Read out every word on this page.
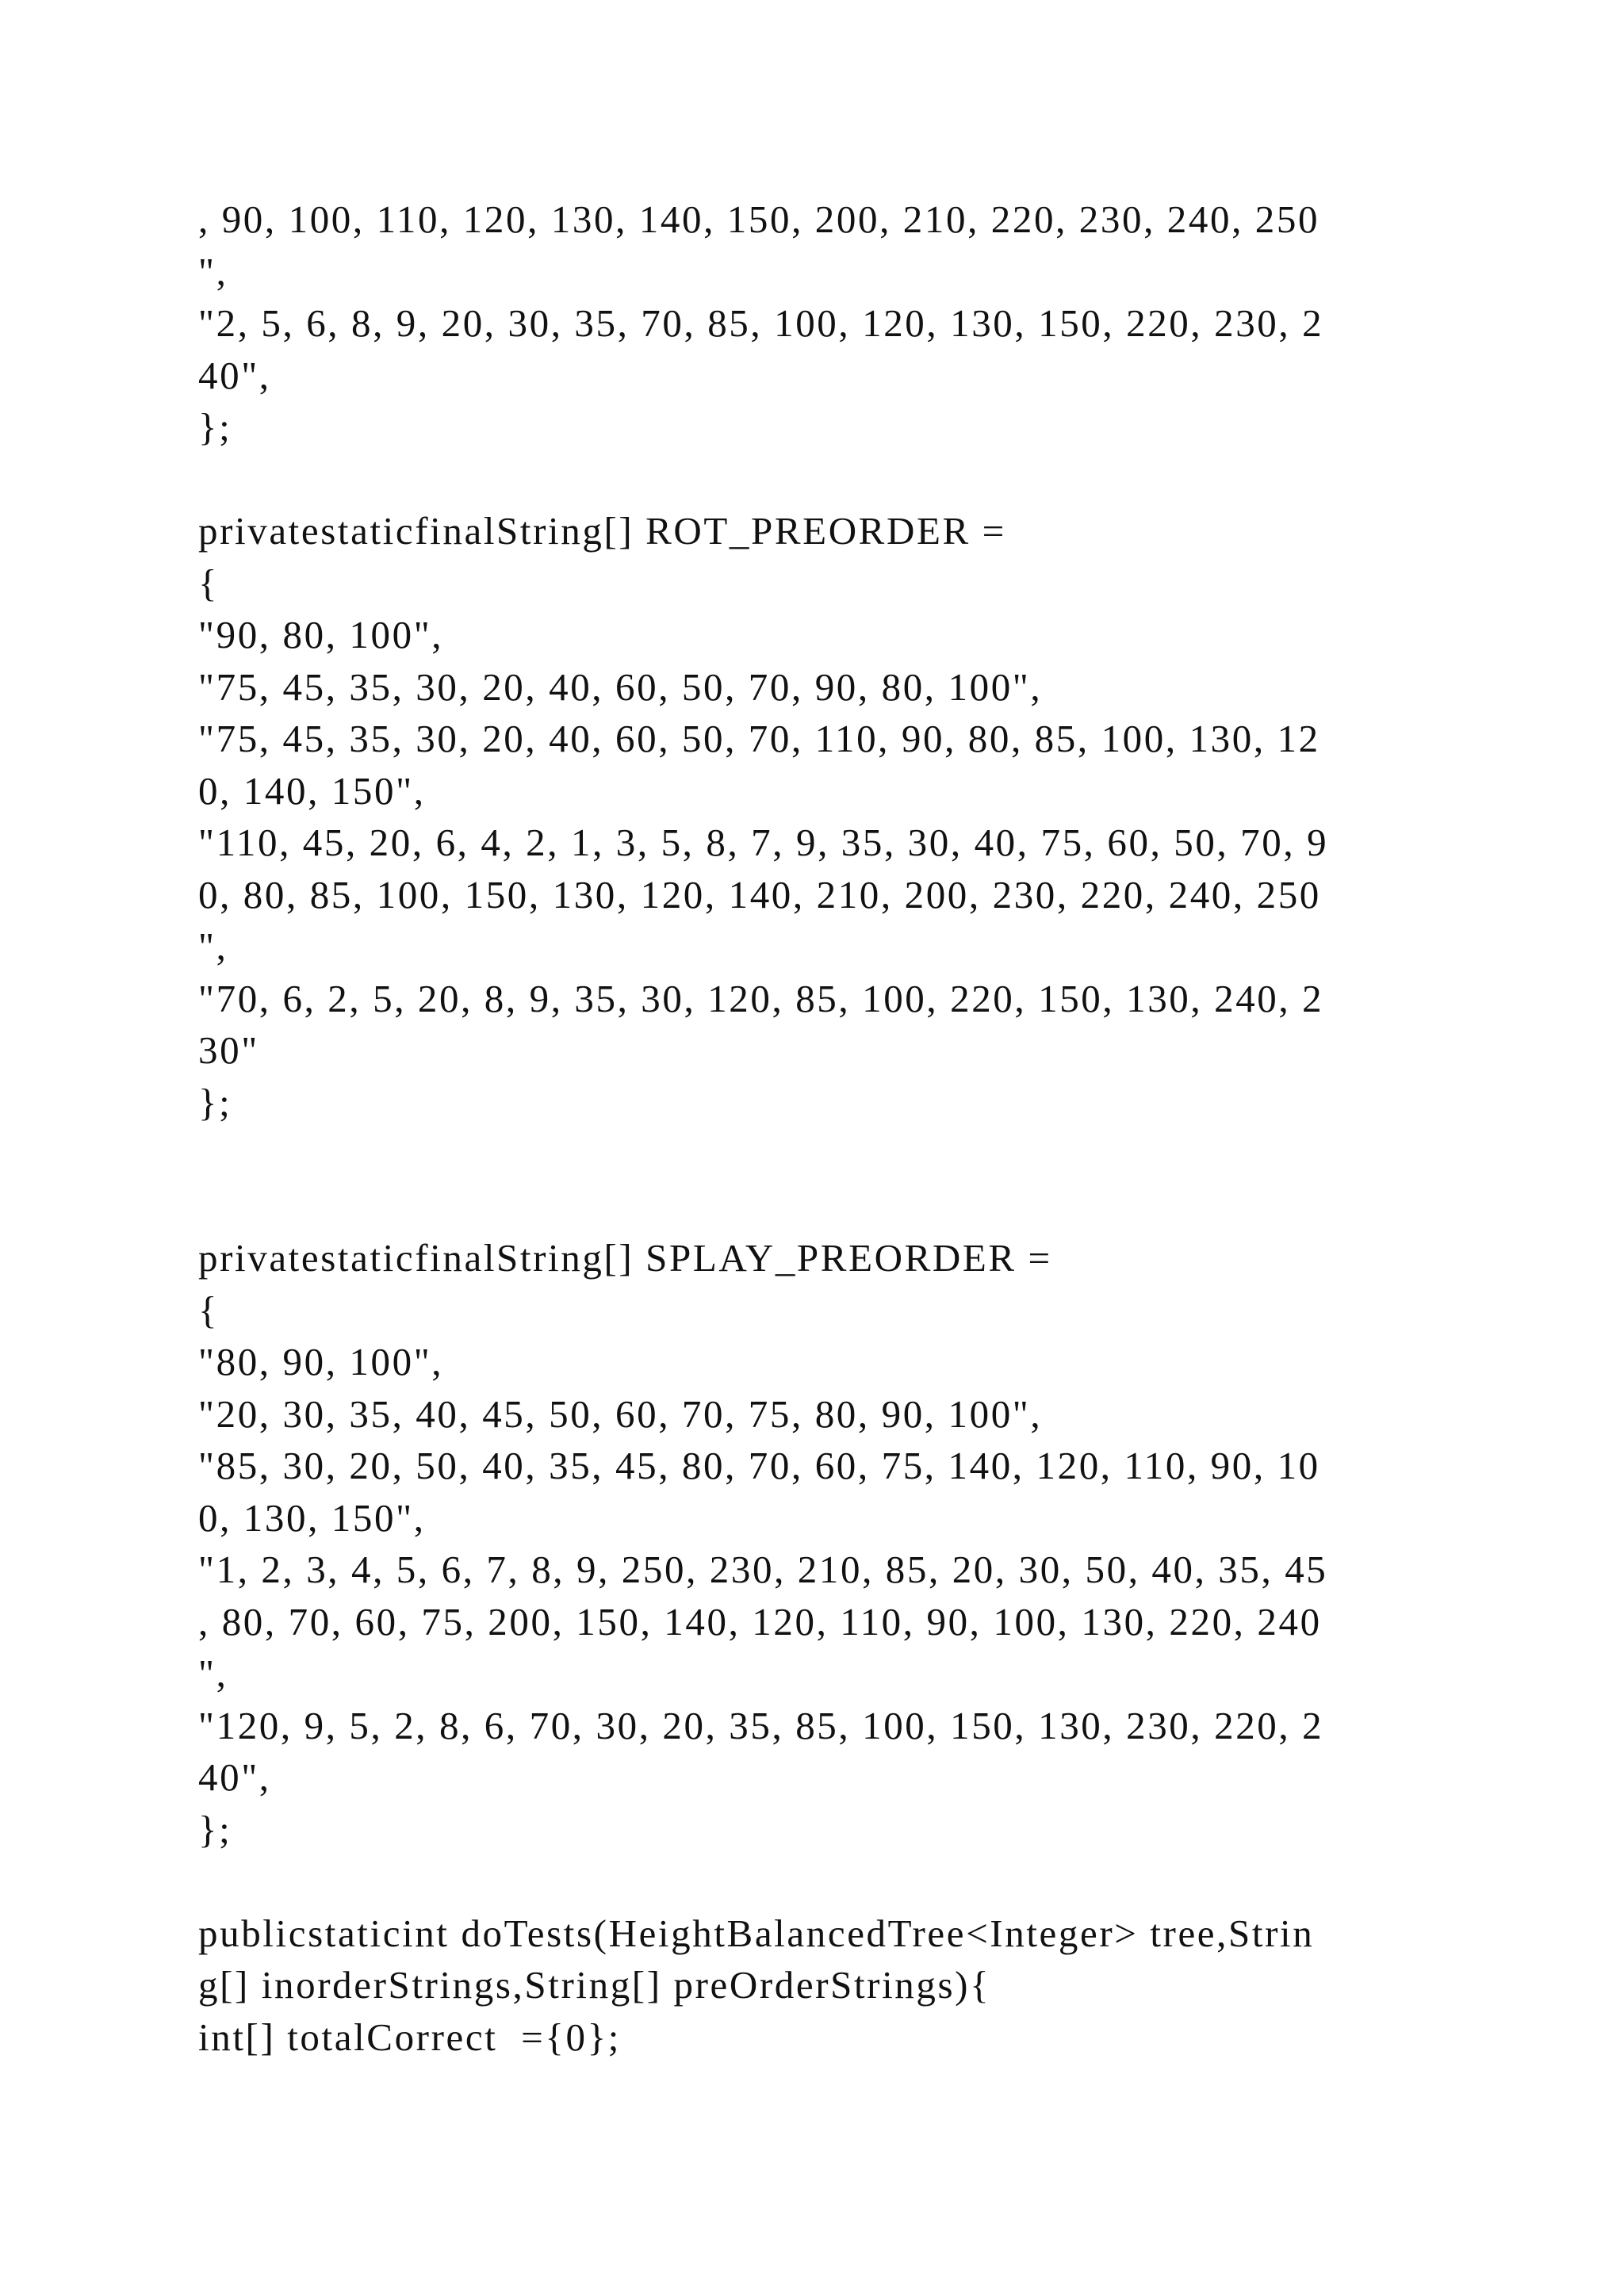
, 90, 100, 110, 120, 130, 140, 150, 200, 210, 220, 230, 240, 250
",
"2, 5, 6, 8, 9, 20, 30, 35, 70, 85, 100, 120, 130, 150, 220, 230, 2
40",
};
privatestaticfinalString[] ROT_PREORDER =
{
"90, 80, 100",
"75, 45, 35, 30, 20, 40, 60, 50, 70, 90, 80, 100",
"75, 45, 35, 30, 20, 40, 60, 50, 70, 110, 90, 80, 85, 100, 130, 12
0, 140, 150",
"110, 45, 20, 6, 4, 2, 1, 3, 5, 8, 7, 9, 35, 30, 40, 75, 60, 50, 70, 9
0, 80, 85, 100, 150, 130, 120, 140, 210, 200, 230, 220, 240, 250
",
"70, 6, 2, 5, 20, 8, 9, 35, 30, 120, 85, 100, 220, 150, 130, 240, 2
30"
};
privatestaticfinalString[] SPLAY_PREORDER =
{
"80, 90, 100",
"20, 30, 35, 40, 45, 50, 60, 70, 75, 80, 90, 100",
"85, 30, 20, 50, 40, 35, 45, 80, 70, 60, 75, 140, 120, 110, 90, 10
0, 130, 150",
"1, 2, 3, 4, 5, 6, 7, 8, 9, 250, 230, 210, 85, 20, 30, 50, 40, 35, 45
, 80, 70, 60, 75, 200, 150, 140, 120, 110, 90, 100, 130, 220, 240
",
"120, 9, 5, 2, 8, 6, 70, 30, 20, 35, 85, 100, 150, 130, 230, 220, 2
40",
};
publicstaticint doTests(HeightBalancedTree<Integer> tree,Strin
g[] inorderStrings,String[] preOrderStrings){
int[] totalCorrect  ={0};
